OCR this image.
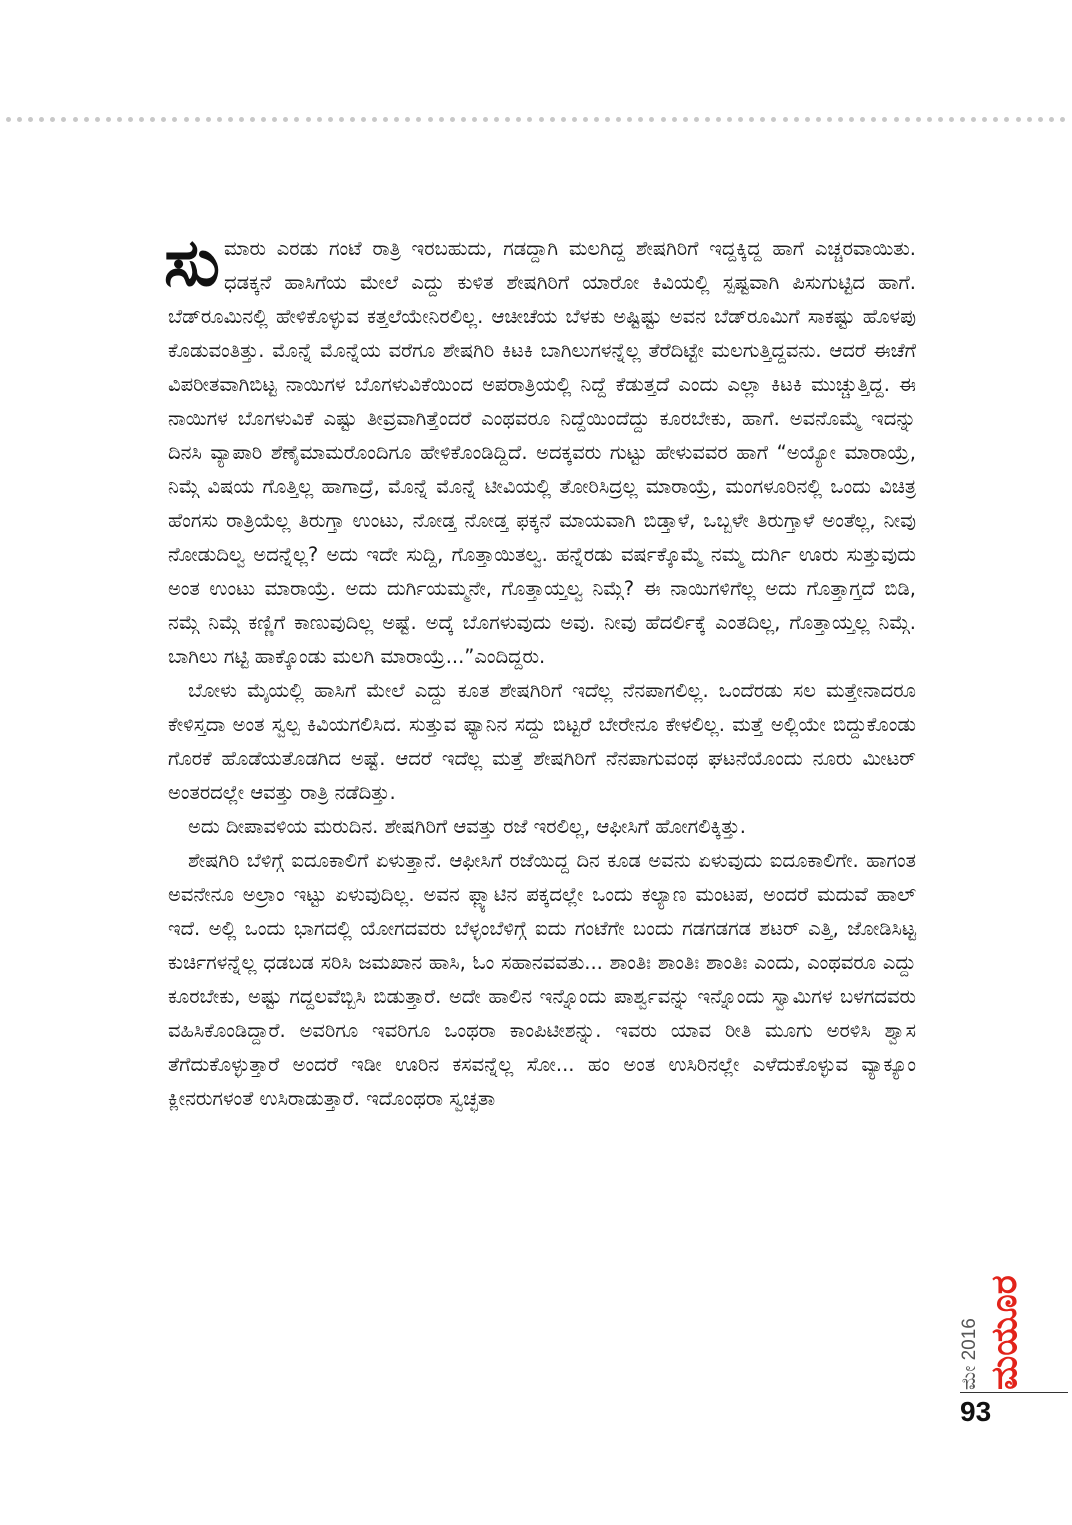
ಸುಮಾರು ಎರಡು ಗಂಟೆ ರಾತ್ರಿ ಇರಬಹುದು, ಗಡದ್ದಾಗಿ ಮಲಗಿದ್ದ ಶೇಷಗಿರಿಗೆ ಇದ್ದಕ್ಕಿದ್ದ ಹಾಗೆ ಎಚ್ಚರವಾಯಿತು. ಧಡಕ್ಕನೆ ಹಾಸಿಗೆಯ ಮೇಲೆ ಎದ್ದು ಕುಳಿತ ಶೇಷಗಿರಿಗೆ ಯಾರೋ ಕಿವಿಯಲ್ಲಿ ಸ್ಪಷ್ಟವಾಗಿ ಪಿಸುಗುಟ್ಟಿದ ಹಾಗೆ. ಬೆಡ್‌ರೂಮಿನಲ್ಲಿ ಹೇಳಿಕೊಳ್ಳುವ ಕತ್ತಲೆಯೇನಿರಲಿಲ್ಲ. ಆಚೀಚೆಯ ಬೆಳಕು ಅಷ್ಟಿಷ್ಟು ಅವನ ಬೆಡ್‌ರೂಮಿಗೆ ಸಾಕಷ್ಟು ಹೊಳಪು ಕೊಡುವಂತಿತ್ತು. ಮೊನ್ನೆ ಮೊನ್ನೆಯ ವರೆಗೂ ಶೇಷಗಿರಿ ಕಿಟಕಿ ಬಾಗಿಲುಗಳನ್ನೆಲ್ಲ ತೆರೆದಿಟ್ಟೇ ಮಲಗುತ್ತಿದ್ದವನು. ಆದರೆ ಈಚೆಗೆ ವಿಪರೀತವಾಗಿಬಿಟ್ಟ ನಾಯಿಗಳ ಬೊಗಳುವಿಕೆಯಿಂದ ಅಪರಾತ್ರಿಯಲ್ಲಿ ನಿದ್ದೆ ಕೆಡುತ್ತದೆ ಎಂದು ಎಲ್ಲಾ ಕಿಟಕಿ ಮುಚ್ಚುತ್ತಿದ್ದ. ಈ ನಾಯಿಗಳ ಬೊಗಳುವಿಕೆ ಎಷ್ಟು ತೀವ್ರವಾಗಿತ್ತೆಂದರೆ ಎಂಥವರೂ ನಿದ್ದೆಯಿಂದೆದ್ದು ಕೂರಬೇಕು, ಹಾಗೆ. ಅವನೊಮ್ಮೆ ಇದನ್ನು ದಿನಸಿ ವ್ಯಾಪಾರಿ ಶೆಣೈಮಾಮರೊಂದಿಗೂ ಹೇಳಿಕೊಂಡಿದ್ದಿದೆ. ಅದಕ್ಕವರು ಗುಟ್ಟು ಹೇಳುವವರ ಹಾಗೆ “ಅಯ್ಯೋ ಮಾರಾಯ್ರೆ, ನಿಮ್ಗೆ ವಿಷಯ ಗೊತ್ತಿಲ್ಲ ಹಾಗಾದ್ರೆ, ಮೊನ್ನೆ ಮೊನ್ನೆ ಟೀವಿಯಲ್ಲಿ ತೋರಿಸಿದ್ರಲ್ಲ ಮಾರಾಯ್ರೆ, ಮಂಗಳೂರಿನಲ್ಲಿ ಒಂದು ವಿಚಿತ್ರ ಹೆಂಗಸು ರಾತ್ರಿಯೆಲ್ಲ ತಿರುಗ್ತಾ ಉಂಟು, ನೋಡ್ತ ನೋಡ್ತ ಫಕ್ಕನೆ ಮಾಯವಾಗಿ ಬಿಡ್ತಾಳೆ, ಒಬ್ಬಳೇ ತಿರುಗ್ತಾಳೆ ಅಂತೆಲ್ಲ, ನೀವು ನೋಡುದಿಲ್ವ ಅದನ್ನೆಲ್ಲ? ಅದು ಇದೇ ಸುದ್ದಿ, ಗೊತ್ತಾಯಿತಲ್ವ. ಹನ್ನೆರಡು ವರ್ಷಕ್ಕೊಮ್ಮೆ ನಮ್ಮ ದುರ್ಗಿ ಊರು ಸುತ್ತುವುದು ಅಂತ ಉಂಟು ಮಾರಾಯ್ರೆ. ಅದು ದುರ್ಗಿಯಮ್ಮನೇ, ಗೊತ್ತಾಯ್ತಲ್ವ ನಿಮ್ಗೆ? ಈ ನಾಯಿಗಳಿಗೆಲ್ಲ ಅದು ಗೊತ್ತಾಗ್ತದೆ ಬಿಡಿ, ನಮ್ಗೆ ನಿಮ್ಗೆ ಕಣ್ಣಿಗೆ ಕಾಣುವುದಿಲ್ಲ ಅಷ್ಟೆ. ಅದ್ಕೆ ಬೊಗಳುವುದು ಅವು. ನೀವು ಹೆದರ್ಲಿಕ್ಕೆ ಎಂತದಿಲ್ಲ, ಗೊತ್ತಾಯ್ತಲ್ಲ ನಿಮ್ಗೆ. ಬಾಗಿಲು ಗಟ್ಟಿ ಹಾಕ್ಕೊಂಡು ಮಲಗಿ ಮಾರಾಯ್ರೆ...”ಎಂದಿದ್ದರು.

ಬೋಳು ಮೈಯಲ್ಲಿ ಹಾಸಿಗೆ ಮೇಲೆ ಎದ್ದು ಕೂತ ಶೇಷಗಿರಿಗೆ ಇದೆಲ್ಲ ನೆನಪಾಗಲಿಲ್ಲ. ಒಂದೆರಡು ಸಲ ಮತ್ತೇನಾದರೂ ಕೇಳಿಸ್ತದಾ ಅಂತ ಸ್ವಲ್ಪ ಕಿವಿಯಗಲಿಸಿದ. ಸುತ್ತುವ ಫ್ಯಾನಿನ ಸದ್ದು ಬಿಟ್ಟರೆ ಬೇರೇನೂ ಕೇಳಲಿಲ್ಲ. ಮತ್ತೆ ಅಲ್ಲಿಯೇ ಬಿದ್ದುಕೊಂಡು ಗೊರಕೆ ಹೊಡೆಯತೊಡಗಿದ ಅಷ್ಟೆ. ಆದರೆ ಇದೆಲ್ಲ ಮತ್ತೆ ಶೇಷಗಿರಿಗೆ ನೆನಪಾಗುವಂಥ ಘಟನೆಯೊಂದು ನೂರು ಮೀಟರ್ ಅಂತರದಲ್ಲೇ ಆವತ್ತು ರಾತ್ರಿ ನಡೆದಿತ್ತು.

ಅದು ದೀಪಾವಳಿಯ ಮರುದಿನ. ಶೇಷಗಿರಿಗೆ ಆವತ್ತು ರಜೆ ಇರಲಿಲ್ಲ, ಆಫೀಸಿಗೆ ಹೋಗಲಿಕ್ಕಿತ್ತು.

ಶೇಷಗಿರಿ ಬೆಳಿಗ್ಗೆ ಐದೂಕಾಲಿಗೆ ಏಳುತ್ತಾನೆ. ಆಫೀಸಿಗೆ ರಜೆಯಿದ್ದ ದಿನ ಕೂಡ ಅವನು ಏಳುವುದು ಐದೂಕಾಲಿಗೇ. ಹಾಗಂತ ಅವನೇನೂ ಅಲ್ರಾಂ ಇಟ್ಟು ಏಳುವುದಿಲ್ಲ. ಅವನ ಫ್ಲ್ಯಾಟಿನ ಪಕ್ಕದಲ್ಲೇ ಒಂದು ಕಲ್ಯಾಣ ಮಂಟಪ, ಅಂದರೆ ಮದುವೆ ಹಾಲ್ ಇದೆ. ಅಲ್ಲಿ ಒಂದು ಭಾಗದಲ್ಲಿ ಯೋಗದವರು ಬೆಳ್ಳಂಬೆಳಿಗ್ಗೆ ಐದು ಗಂಟೆಗೇ ಬಂದು ಗಡಗಡಗಡ ಶಟರ್ ಎತ್ತಿ, ಜೋಡಿಸಿಟ್ಟ ಕುರ್ಚಿಗಳನ್ನೆಲ್ಲ ಧಡಬಡ ಸರಿಸಿ ಜಮಖಾನ ಹಾಸಿ, ಓಂ ಸಹಾನವವತು... ಶಾಂತಿಃ ಶಾಂತಿಃ ಶಾಂತಿಃ ಎಂದು, ಎಂಥವರೂ ಎದ್ದು ಕೂರಬೇಕು, ಅಷ್ಟು ಗದ್ದಲವೆಬ್ಬಿಸಿ ಬಿಡುತ್ತಾರೆ. ಅದೇ ಹಾಲಿನ ಇನ್ನೊಂದು ಪಾರ್ಶ್ವವನ್ನು ಇನ್ನೊಂದು ಸ್ವಾಮಿಗಳ ಬಳಗದವರು ವಹಿಸಿಕೊಂಡಿದ್ದಾರೆ. ಅವರಿಗೂ ಇವರಿಗೂ ಒಂಥರಾ ಕಾಂಪಿಟೀಶನ್ನು. ಇವರು ಯಾವ ರೀತಿ ಮೂಗು ಅರಳಿಸಿ ಶ್ವಾಸ ತೆಗೆದುಕೊಳ್ಳುತ್ತಾರೆ ಅಂದರೆ ಇಡೀ ಊರಿನ ಕಸವನ್ನೆಲ್ಲ ಸೋ... ಹಂ ಅಂತ ಉಸಿರಿನಲ್ಲೇ ಎಳೆದುಕೊಳ್ಳುವ ವ್ಯಾಕ್ಯೂಂ ಕ್ಲೀನರುಗಳಂತೆ ಉಸಿರಾಡುತ್ತಾರೆ. ಇದೊಂಥರಾ ಸ್ವಚ್ಛತಾ

ಮೇ 2016 ಮಯೂರ
93
